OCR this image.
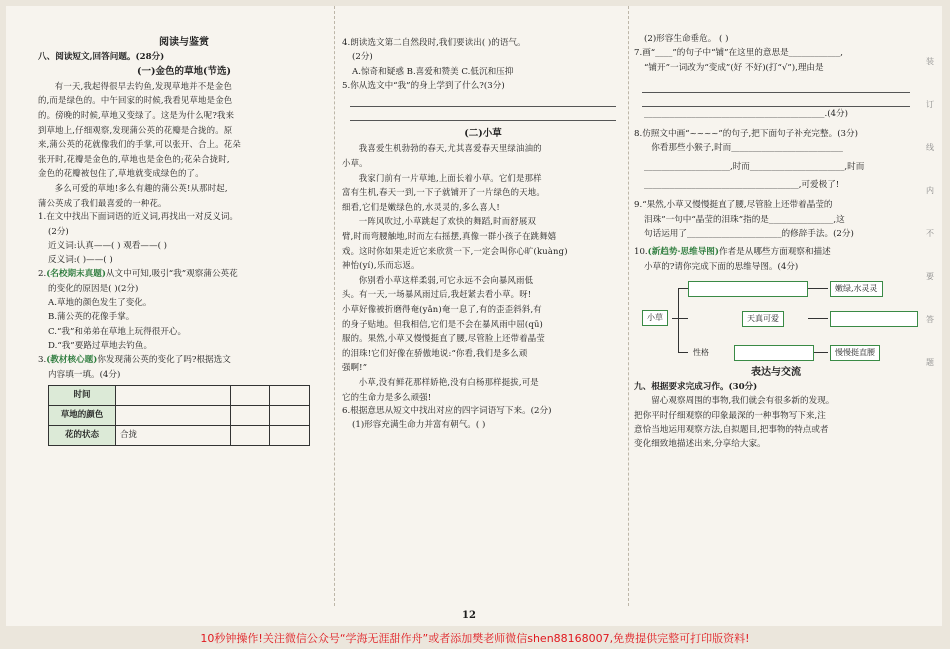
阅读与鉴赏

八、阅读短文,回答问题。(28分)

(一)金色的草地(节选)

有一天,我起得很早去钓鱼,发现草地并不是金色

的,而是绿色的。中午回家的时候,我看见草地是金色

的。傍晚的时候,草地又变绿了。这是为什么呢?我来

到草地上,仔细观察,发现蒲公英的花瓣是合拢的。原

来,蒲公英的花就像我们的手掌,可以张开、合上。花朵

张开时,花瓣是金色的,草地也是金色的;花朵合拢时,

金色的花瓣被包住了,草地就变成绿色的了。

多么可爱的草地!多么有趣的蒲公英!从那时起,

蒲公英成了我们最喜爱的一种花。

1.在文中找出下面词语的近义词,再找出一对反义词。

(2分)

近义词:认真——( ) 观看——( )

反义词:( )——( )

2.(名校期末真题)从文中可知,吸引“我”观察蒲公英花

的变化的原因是( )(2分)

A.草地的颜色发生了变化。

B.蒲公英的花像手掌。

C.“我”和弟弟在草地上玩得很开心。

D.“我”要路过草地去钓鱼。

3.(教材核心题)你发现蒲公英的变化了吗?根据选文

内容填一填。(4分)

时间			
草地的颜色			
花的状态	合拢		

4.朗读选文第二自然段时,我们要读出( )的语气。

(2分)

A.惊奇和疑惑 B.喜爱和赞美 C.低沉和压抑

5.你从选文中“我”的身上学到了什么?(3分)

(二)小草

我喜爱生机勃勃的春天,尤其喜爱春天里绿油油的

小草。

我家门前有一片草地,上面长着小草。它们是那样

富有生机,春天一到,一下子就铺开了一片绿色的天地。

细看,它们是嫩绿色的,水灵灵的,多么喜人!

一阵风吹过,小草跳起了欢快的舞蹈,时而舒展双

臂,时而弯腰触地,时而左右摇摆,真像一群小孩子在跳舞嬉

戏。这时你如果走近它来欣赏一下,一定会叫你心旷(kuàng)

神怡(yí),乐而忘返。

你别看小草这样柔弱,可它永远不会向暴风雨低

头。有一天,一场暴风雨过后,我赶紧去看小草。呀!

小草好像被折磨得奄(yǎn)奄一息了,有的歪歪斜斜,有

的身子贴地。但我相信,它们是不会在暴风雨中屈(qū)

服的。果然,小草又慢慢挺直了腰,尽管脸上还带着晶莹

的泪珠!它们好像在骄傲地说:“你看,我们是多么顽

强啊!”

小草,没有鲜花那样娇艳,没有白杨那样挺拔,可是

它的生命力是多么顽强!

6.根据意思从短文中找出对应的四字词语写下来。(2分)

(1)形容充满生命力并富有朝气。( )

(2)形容生命垂危。 ( )

7.画“____”的句子中“铺”在这里的意思是____________,

“铺开”一词改为“变成”(好 不好)(打“√”),理由是

__________________________________________.(4分)

8.仿照文中画“~~~~”的句子,把下面句子补充完整。(3分)

你看那些小猴子,时而__________________________

____________________,时而______________________,时而

____________________________________,可爱极了!

9.“果然,小草又慢慢挺直了腰,尽管脸上还带着晶莹的

泪珠”一句中“晶莹的泪珠”指的是_______________,这

句话运用了______________________的修辞手法。(2分)

10.(新趋势·思维导图)作者是从哪些方面观察和描述

小草的?请你完成下面的思维导图。(4分)

小草
嫩绿,水灵灵
天真可爱
性格	慢慢挺直腰

表达与交流

九、根据要求完成习作。(30分)

留心观察周围的事物,我们就会有很多新的发现。

把你平时仔细观察的印象最深的一种事物写下来,注

意恰当地运用观察方法,自拟题目,把事物的特点或者

变化细致地描述出来,分享给大家。

装
订
线
内
不
要
答
题
12
10秒钟操作!关注微信公众号“学海无涯甜作舟”或者添加樊老师微信shen88168007,免费提供完整可打印版资料!
